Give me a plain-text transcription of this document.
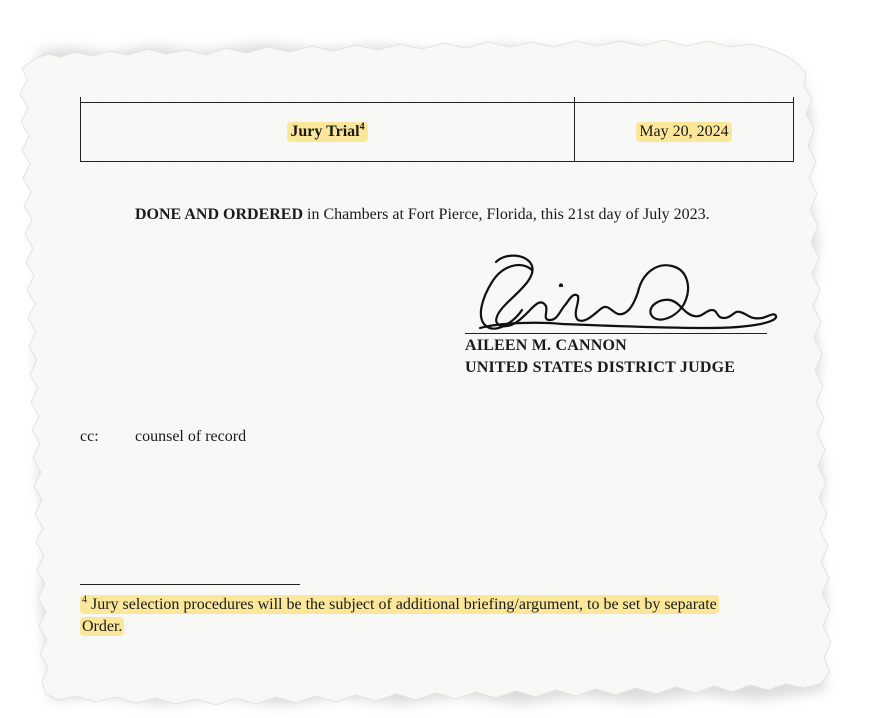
Jury Trial$^4$	May 20, 2024
DONE AND ORDERED in Chambers at Fort Pierce, Florida, this 21st day of July 2023.
AILEEN M. CANNON
UNITED STATES DISTRICT JUDGE
cc: counsel of record
$^4$ Jury selection procedures will be the subject of additional briefing/argument, to be set by separate
Order.
